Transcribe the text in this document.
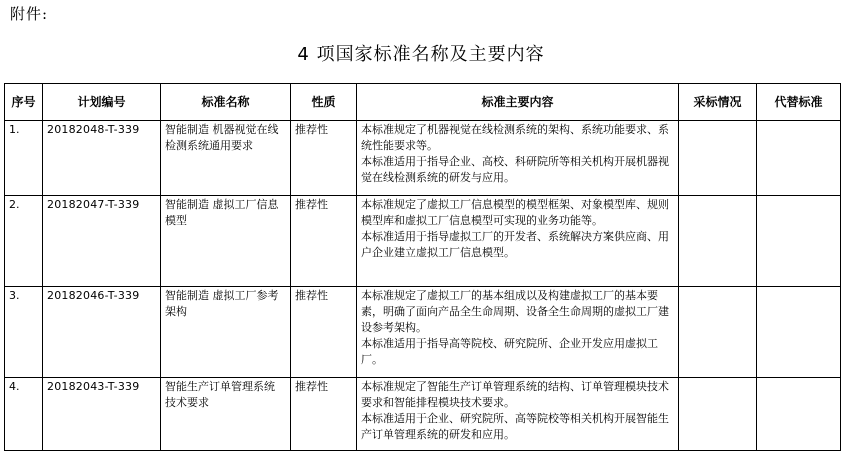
附件:
4 项国家标准名称及主要内容
序号	计划编号	标准名称	性质	标准主要内容	采标情况	代替标准
1.	20182048-T-339	智能制造 机器视觉在线检测系统通用要求	推荐性	本标准规定了机器视觉在线检测系统的架构、系统功能要求、系统性能要求等。

本标准适用于指导企业、高校、科研院所等相关机构开展机器视觉在线检测系统的研发与应用。		

2.	20182047-T-339	智能制造 虚拟工厂信息模型	推荐性	本标准规定了虚拟工厂信息模型的模型框架、对象模型库、规则模型库和虚拟工厂信息模型可实现的业务功能等。

本标准适用于指导虚拟工厂的开发者、系统解决方案供应商、用户企业建立虚拟工厂信息模型。		

3.	20182046-T-339	智能制造 虚拟工厂参考架构	推荐性	本标准规定了虚拟工厂的基本组成以及构建虚拟工厂的基本要素，明确了面向产品全生命周期、设备全生命周期的虚拟工厂建设参考架构。

本标准适用于指导高等院校、研究院所、企业开发应用虚拟工厂。		

4.	20182043-T-339	智能生产订单管理系统 技术要求	推荐性	本标准规定了智能生产订单管理系统的结构、订单管理模块技术要求和智能排程模块技术要求。

本标准适用于企业、研究院所、高等院校等相关机构开展智能生产订单管理系统的研发和应用。		
